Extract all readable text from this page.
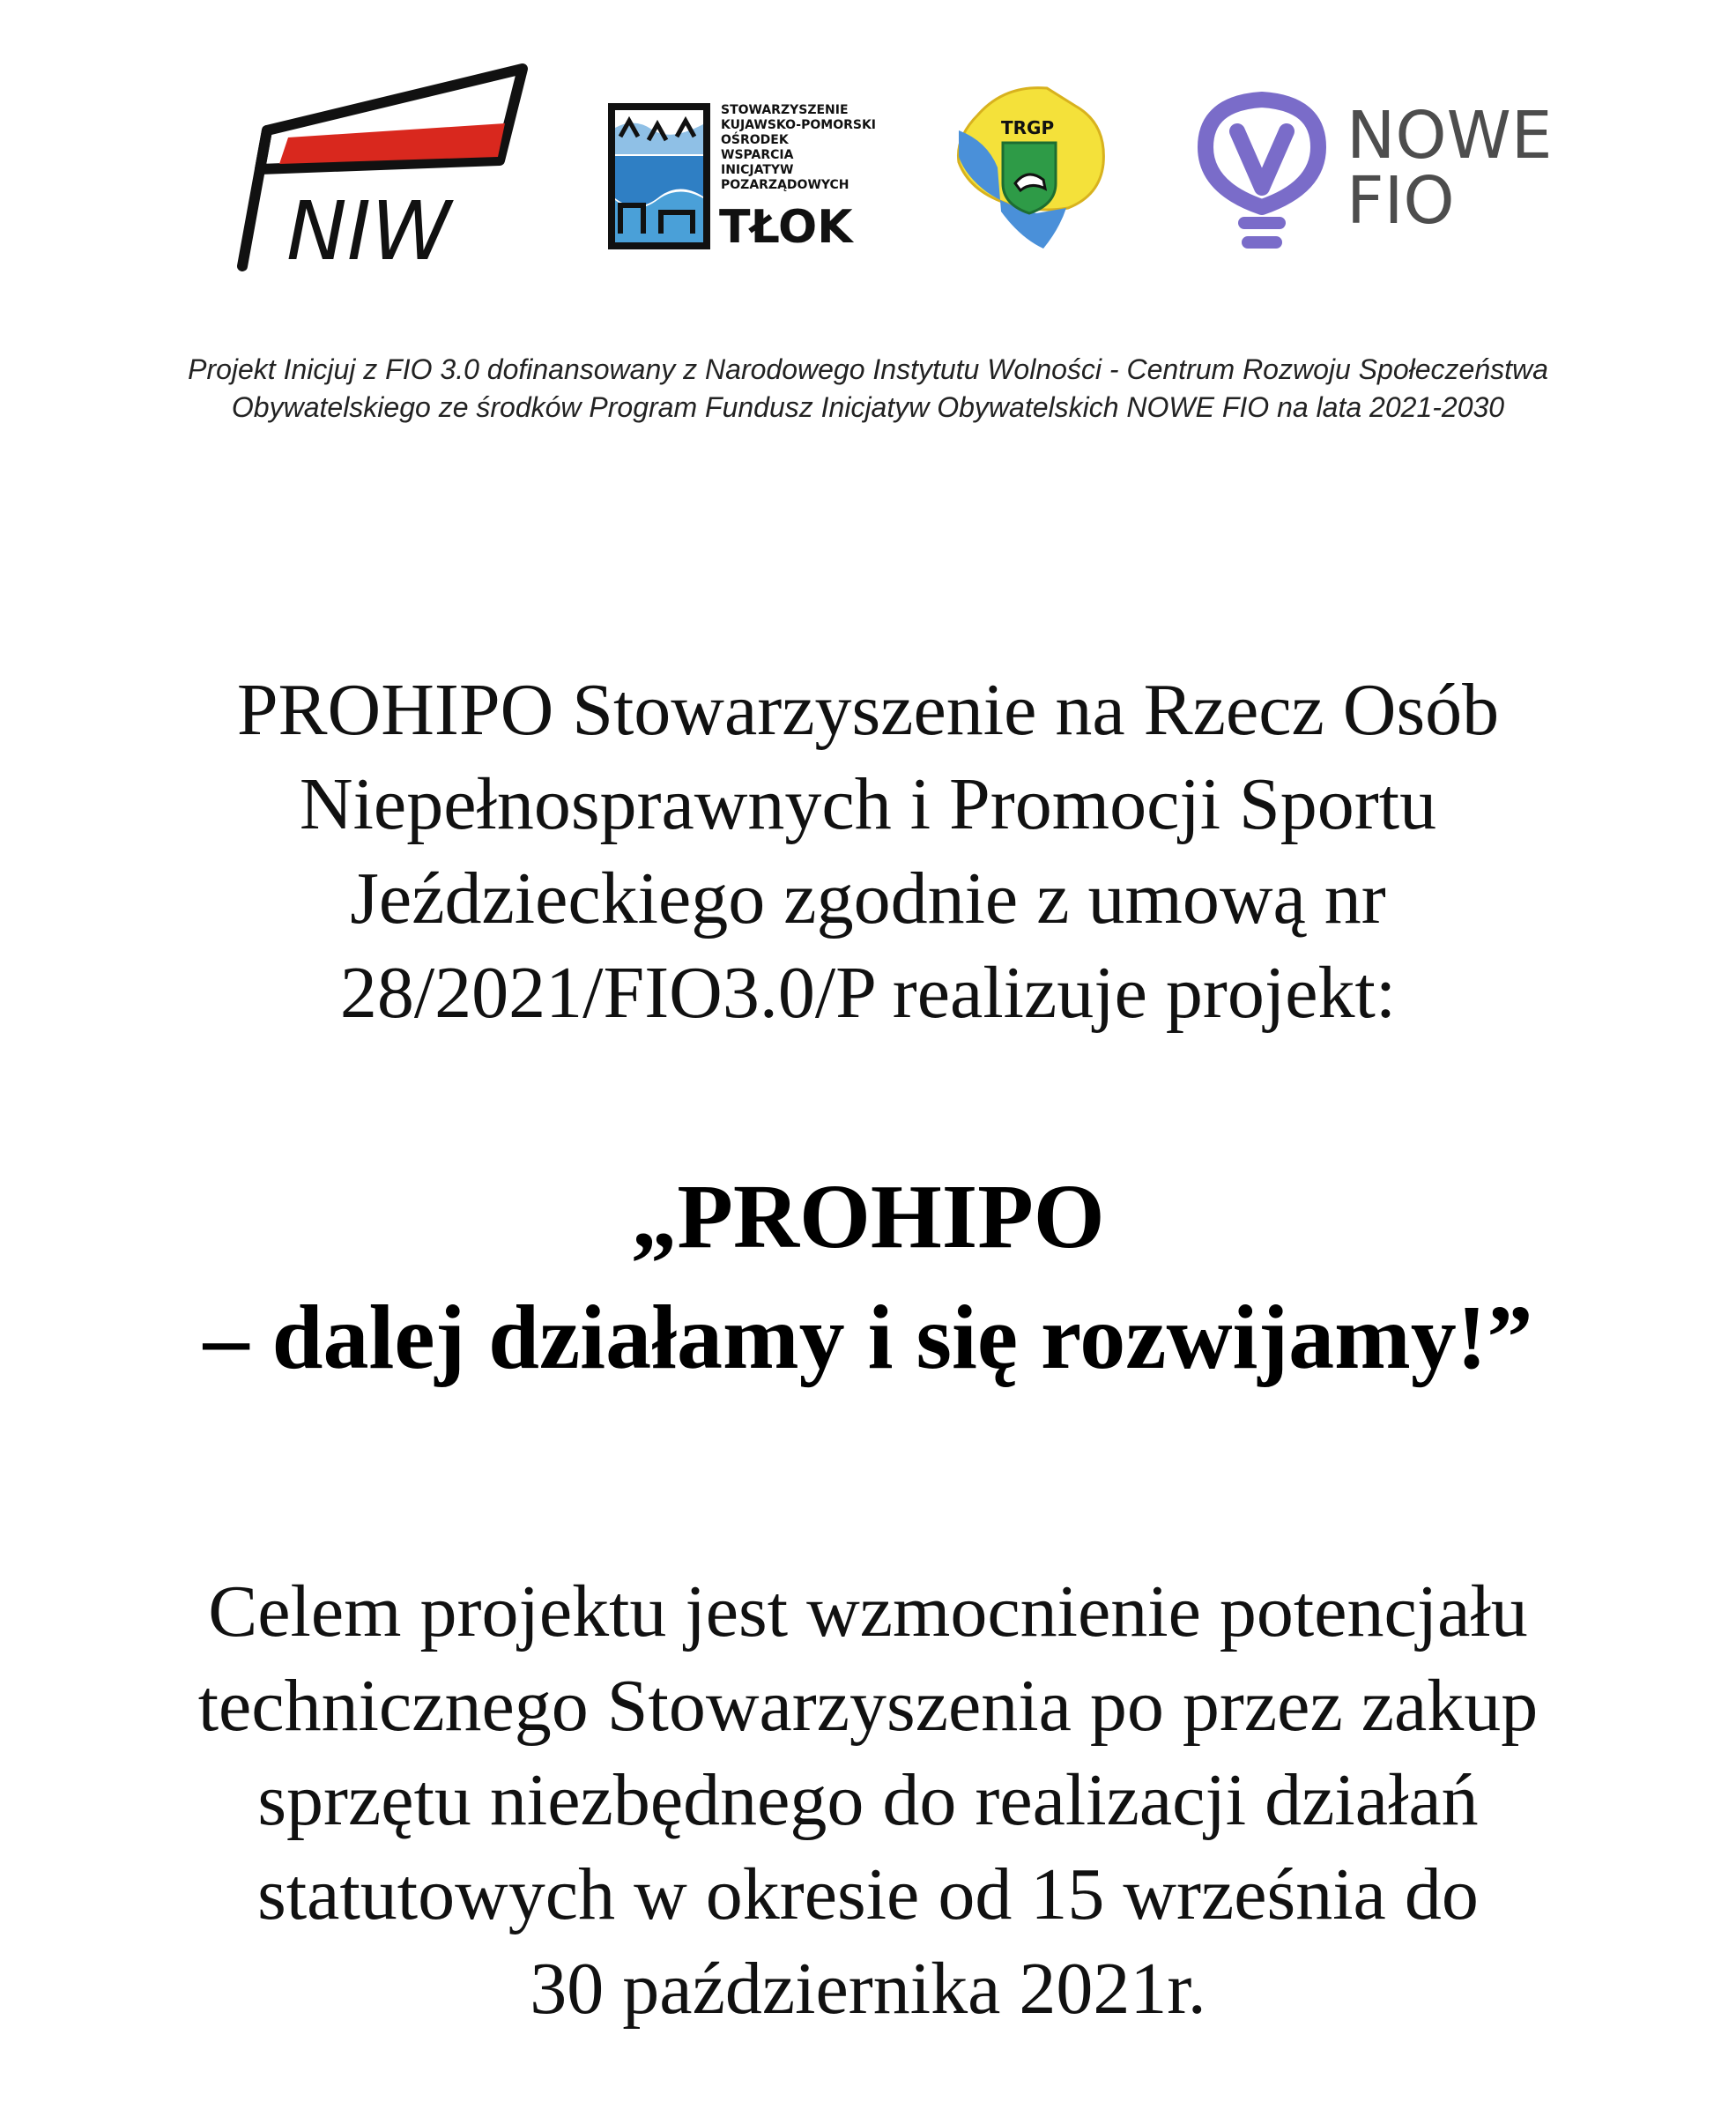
NIW
STOWARZYSZENIE
KUJAWSKO-POMORSKI
OŚRODEK
WSPARCIA
INICJATYW
POZARZĄDOWYCH
TŁOK
TRGP	NOWE
FIO
Projekt Inicjuj z FIO 3.0 dofinansowany z Narodowego Instytutu Wolności - Centrum Rozwoju Społeczeństwa
Obywatelskiego ze środków Program Fundusz Inicjatyw Obywatelskich NOWE FIO na lata 2021-2030
PROHIPO Stowarzyszenie na Rzecz Osób
Niepełnosprawnych i Promocji Sportu
Jeździeckiego zgodnie z umową nr
28/2021/FIO3.0/P realizuje projekt:
„PROHIPO
– dalej działamy i się rozwijamy!”
Celem projektu jest wzmocnienie potencjału
technicznego Stowarzyszenia po przez zakup
sprzętu niezbędnego do realizacji działań
statutowych w okresie od 15 września do
30 października 2021r.
